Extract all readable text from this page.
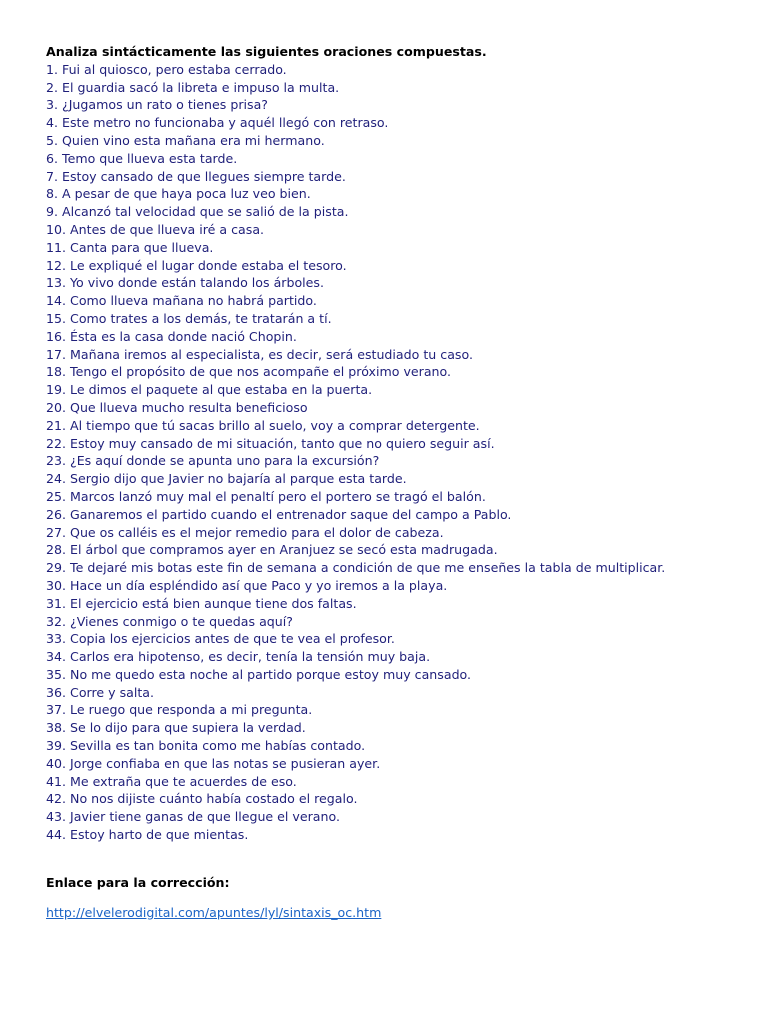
Analiza sintácticamente las siguientes oraciones compuestas.
1. Fui al quiosco, pero estaba cerrado.
2. El guardia sacó la libreta e impuso la multa.
3. ¿Jugamos un rato o tienes prisa?
4. Este metro no funcionaba y aquél llegó con retraso.
5. Quien vino esta mañana era mi hermano.
6. Temo que llueva esta tarde.
7. Estoy cansado de que llegues siempre tarde.
8. A pesar de que haya poca luz veo bien.
9. Alcanzó tal velocidad que se salió de la pista.
10. Antes de que llueva iré a casa.
11. Canta para que llueva.
12. Le expliqué el lugar donde estaba el tesoro.
13. Yo vivo donde están talando los árboles.
14. Como llueva mañana no habrá partido.
15. Como trates a los demás, te tratarán a tí.
16. Ésta es la casa donde nació Chopin.
17. Mañana iremos al especialista, es decir, será estudiado tu caso.
18. Tengo el propósito de que nos acompañe el próximo verano.
19. Le dimos el paquete al que estaba en la puerta.
20. Que llueva mucho resulta beneficioso
21. Al tiempo que tú sacas brillo al suelo, voy a comprar detergente.
22. Estoy muy cansado de mi situación, tanto que no quiero seguir así.
23. ¿Es aquí donde se apunta uno para la excursión?
24. Sergio dijo que Javier no bajaría al parque esta tarde.
25. Marcos lanzó muy mal el penaltí pero el portero se tragó el balón.
26. Ganaremos el partido cuando el entrenador saque del campo a Pablo.
27. Que os calléis es el mejor remedio para el dolor de cabeza.
28. El árbol que compramos ayer en Aranjuez se secó esta madrugada.
29. Te dejaré mis botas este fin de semana a condición de que me enseñes la tabla de multiplicar.
30. Hace un día espléndido así que Paco y yo iremos a la playa.
31. El ejercicio está bien aunque tiene dos faltas.
32. ¿Vienes conmigo o te quedas aquí?
33. Copia los ejercicios antes de que te vea el profesor.
34. Carlos era hipotenso, es decir, tenía la tensión muy baja.
35. No me quedo esta noche al partido porque estoy muy cansado.
36. Corre y salta.
37. Le ruego que responda a mi pregunta.
38. Se lo dijo para que supiera la verdad.
39. Sevilla es tan bonita como me habías contado.
40. Jorge confiaba en que las notas se pusieran ayer.
41. Me extraña que te acuerdes de eso.
42. No nos dijiste cuánto había costado el regalo.
43. Javier tiene ganas de que llegue el verano.
44. Estoy harto de que mientas.
Enlace para la corrección:
http://elvelerodigital.com/apuntes/lyl/sintaxis_oc.htm
